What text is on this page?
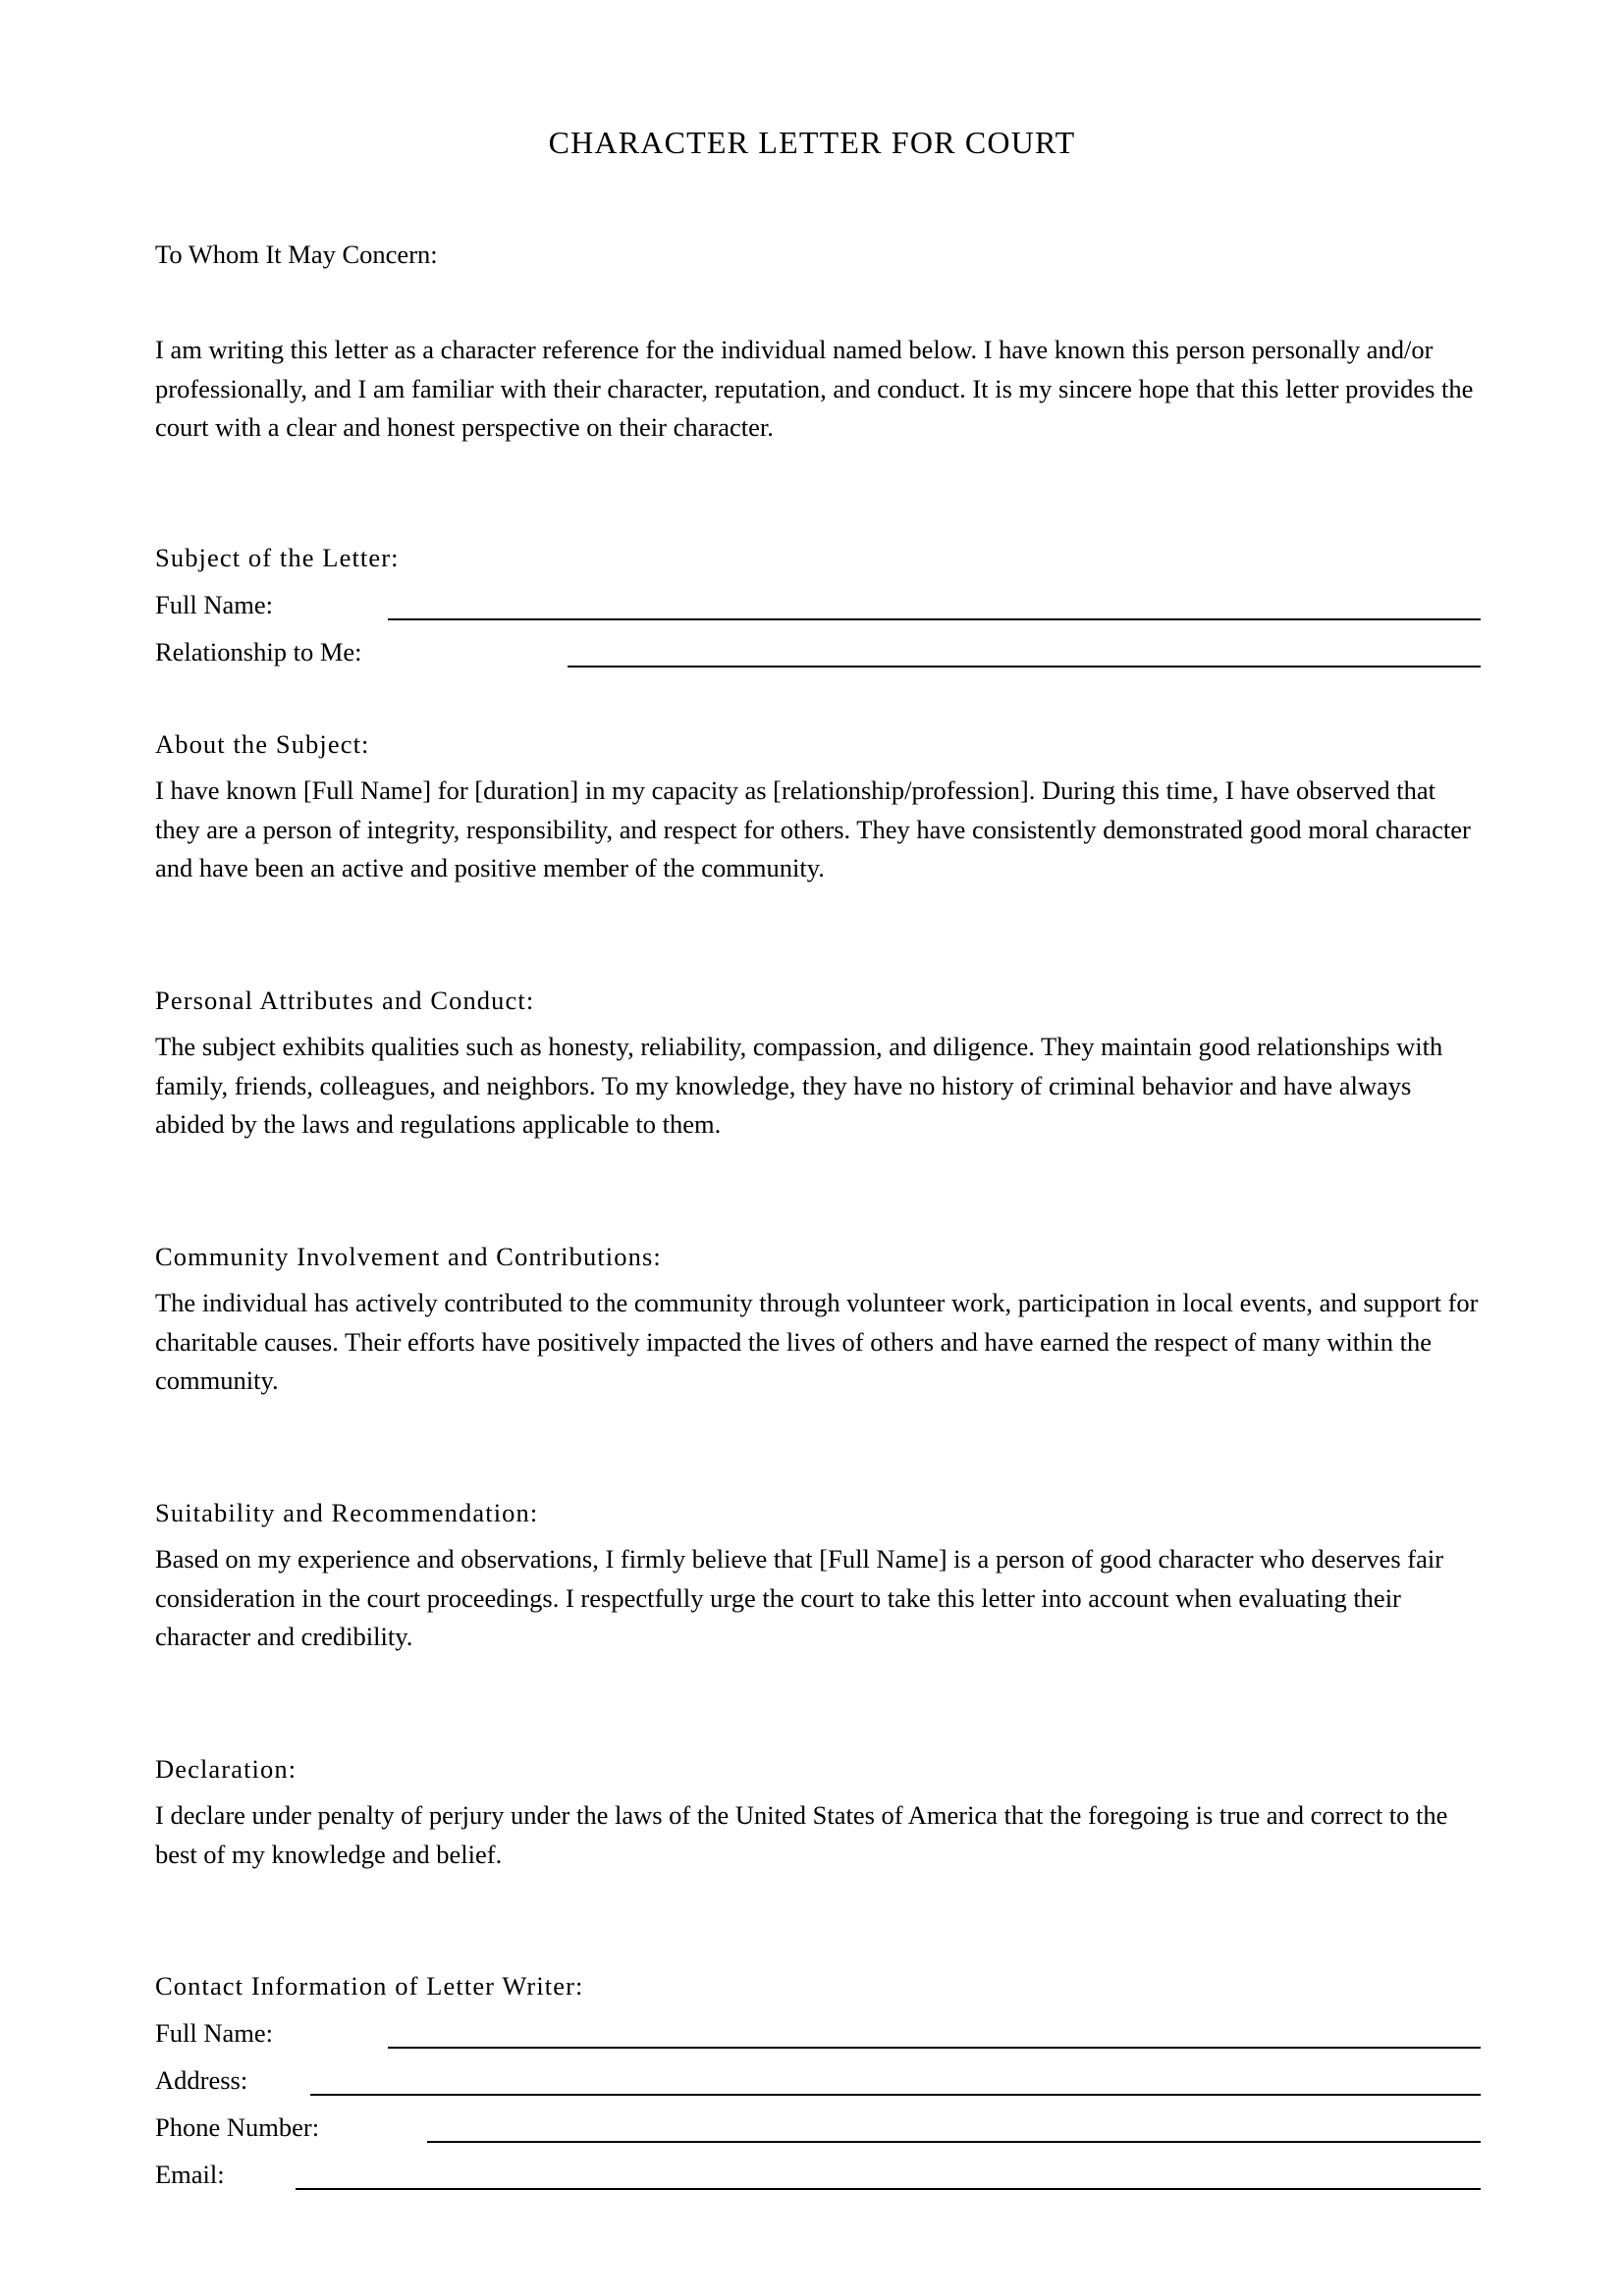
CHARACTER LETTER FOR COURT
To Whom It May Concern:
I am writing this letter as a character reference for the individual named below. I have known this person personally and/or professionally, and I am familiar with their character, reputation, and conduct. It is my sincere hope that this letter provides the court with a clear and honest perspective on their character.
Subject of the Letter:
Full Name:
Relationship to Me:
About the Subject:
I have known [Full Name] for [duration] in my capacity as [relationship/profession]. During this time, I have observed that they are a person of integrity, responsibility, and respect for others. They have consistently demonstrated good moral character and have been an active and positive member of the community.
Personal Attributes and Conduct:
The subject exhibits qualities such as honesty, reliability, compassion, and diligence. They maintain good relationships with family, friends, colleagues, and neighbors. To my knowledge, they have no history of criminal behavior and have always abided by the laws and regulations applicable to them.
Community Involvement and Contributions:
The individual has actively contributed to the community through volunteer work, participation in local events, and support for charitable causes. Their efforts have positively impacted the lives of others and have earned the respect of many within the community.
Suitability and Recommendation:
Based on my experience and observations, I firmly believe that [Full Name] is a person of good character who deserves fair consideration in the court proceedings. I respectfully urge the court to take this letter into account when evaluating their character and credibility.
Declaration:
I declare under penalty of perjury under the laws of the United States of America that the foregoing is true and correct to the best of my knowledge and belief.
Contact Information of Letter Writer:
Full Name:
Address:
Phone Number:
Email:
